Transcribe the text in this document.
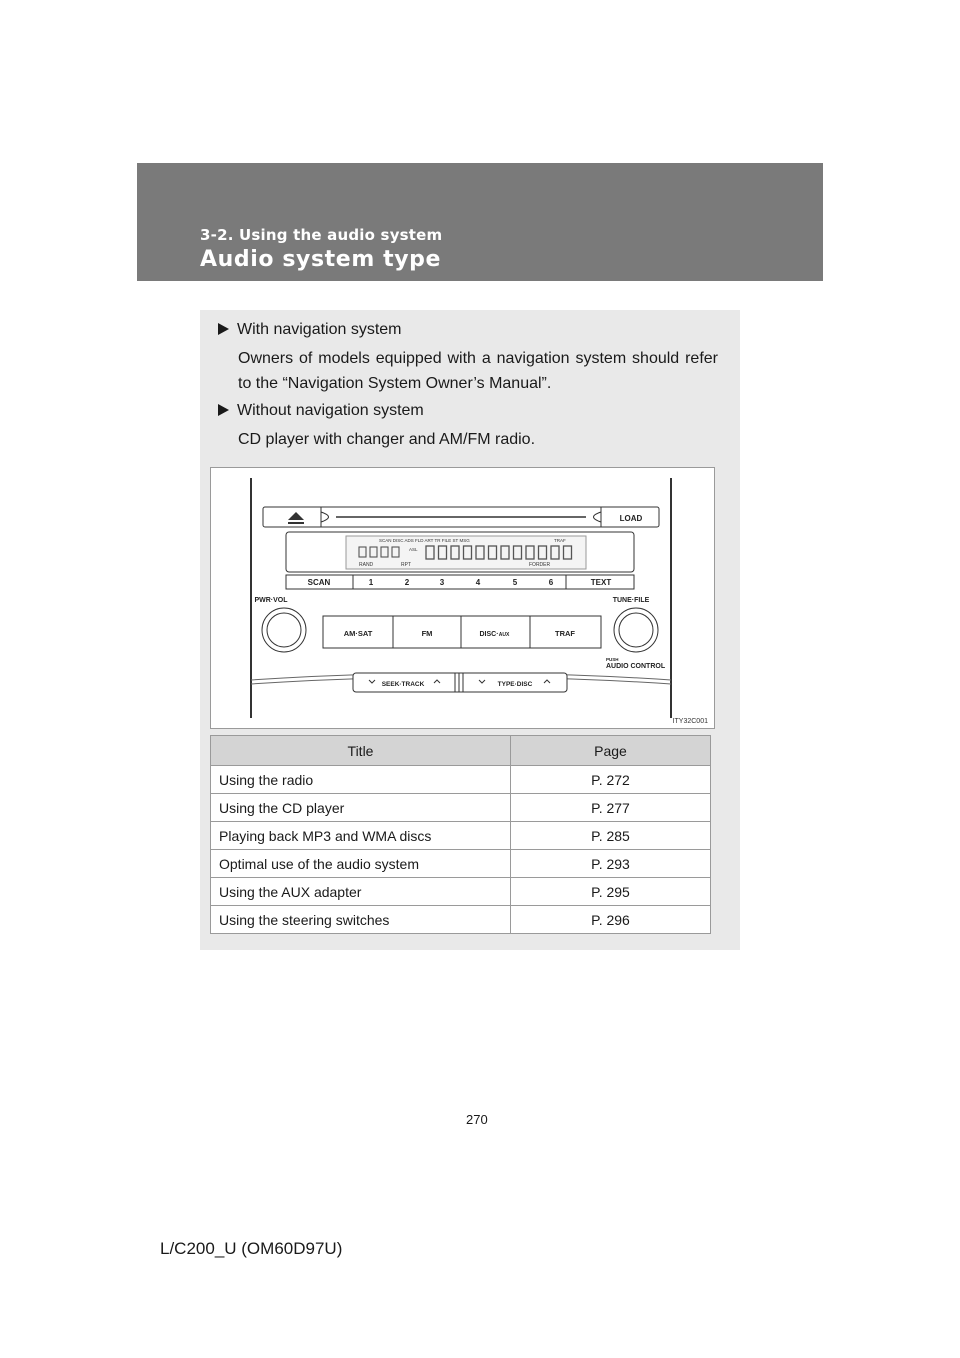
3-2. Using the audio system
Audio system type
With navigation system
Owners of models equipped with a navigation system should refer to the “Navigation System Owner’s Manual”.
Without navigation system
CD player with changer and AM/FM radio.
LOAD
SCAN DISC ADS FLD ART TR FILE ST MSG	TRAF
RAND	RPT	FORDER
ASL
SCAN	1	2	3	4	5	6	TEXT
PWR·VOL	TUNE·FILE
AM·SAT	FM	DISC· AUX	TRAF
PUSH
AUDIO CONTROL
SEEK·TRACK	TYPE·DISC
ITY32C001
Title	Page
Using the radio	P. 272
Using the CD player	P. 277
Playing back MP3 and WMA discs	P. 285
Optimal use of the audio system	P. 293
Using the AUX adapter	P. 295
Using the steering switches	P. 296
270
L/C200_U (OM60D97U)
